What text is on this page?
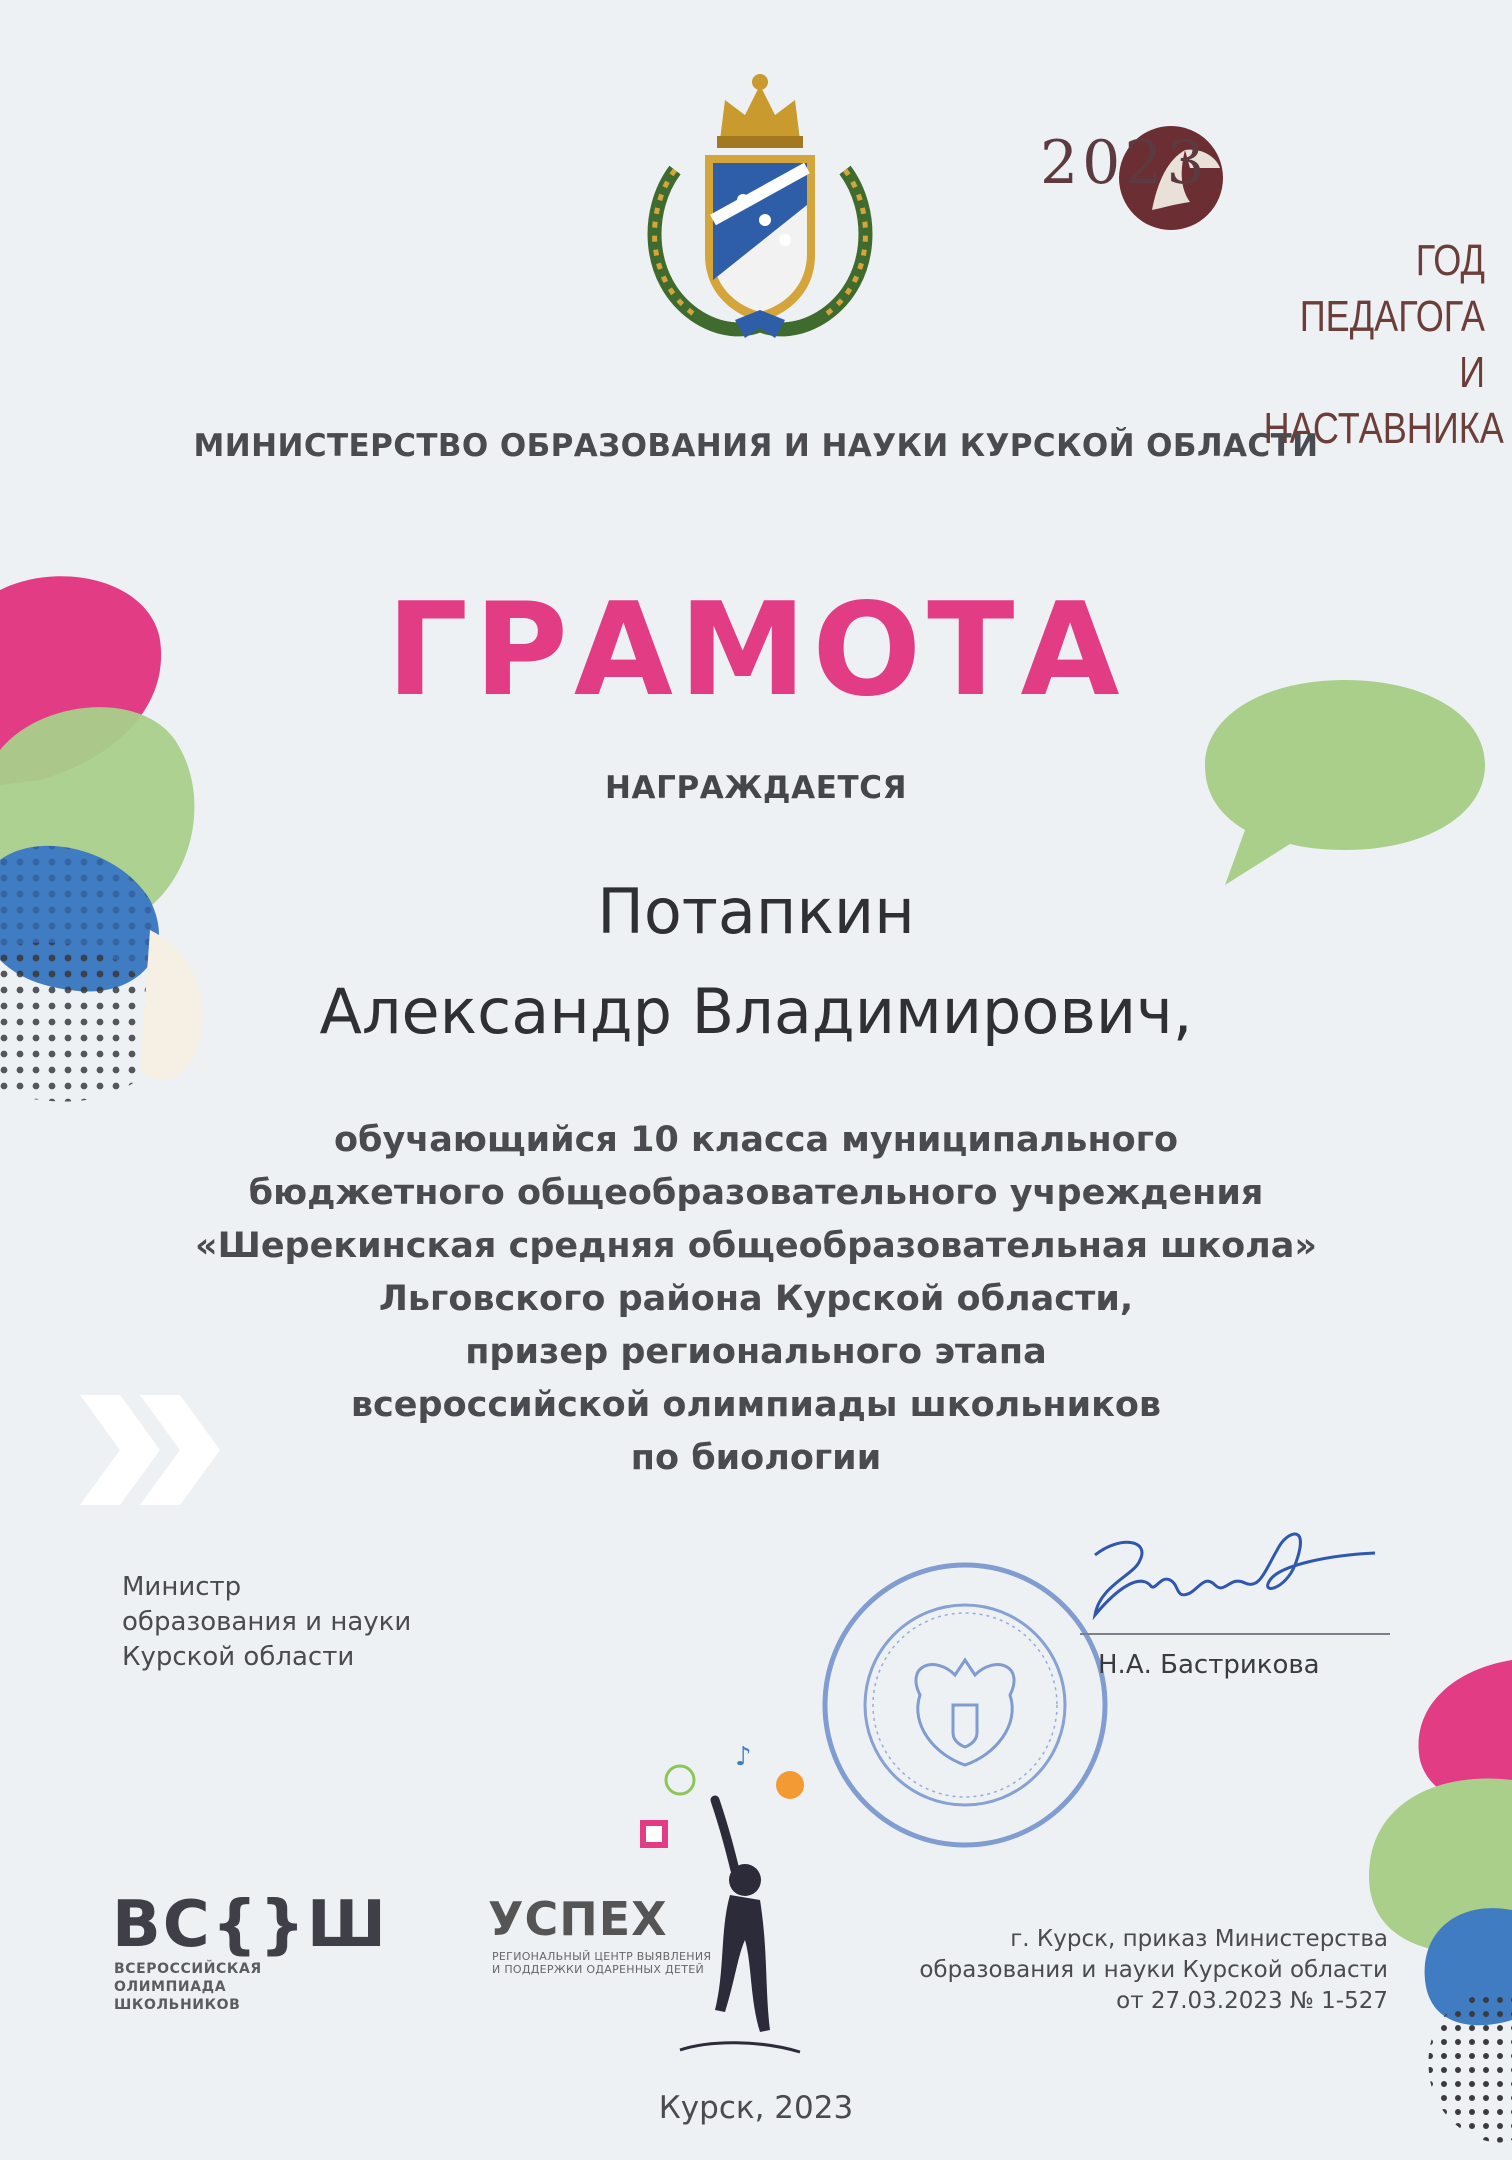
2023
ГОД ПЕДАГОГА
И НАСТАВНИКА
МИНИСТЕРСТВО ОБРАЗОВАНИЯ И НАУКИ КУРСКОЙ ОБЛАСТИ
ГРАМОТА
НАГРАЖДАЕТСЯ
Потапкин
Александр Владимирович,
обучающийся 10 класса муниципального
бюджетного общеобразовательного учреждения
«Шерекинская средняя общеобразовательная школа»
Льговского района Курской области,
призер регионального этапа
всероссийской олимпиады школьников
по биологии
Министр
образования и науки
Курской области	Н.А. Бастрикова
ВС{}Ш
ВСЕРОССИЙСКАЯ
ОЛИМПИАДА
ШКОЛЬНИКОВ
♪
УСПЕХ
РЕГИОНАЛЬНЫЙ ЦЕНТР ВЫЯВЛЕНИЯ
И ПОДДЕРЖКИ ОДАРЕННЫХ ДЕТЕЙ
г. Курск, приказ Министерства
образования и науки Курской области
от 27.03.2023 № 1-527
Курск, 2023
